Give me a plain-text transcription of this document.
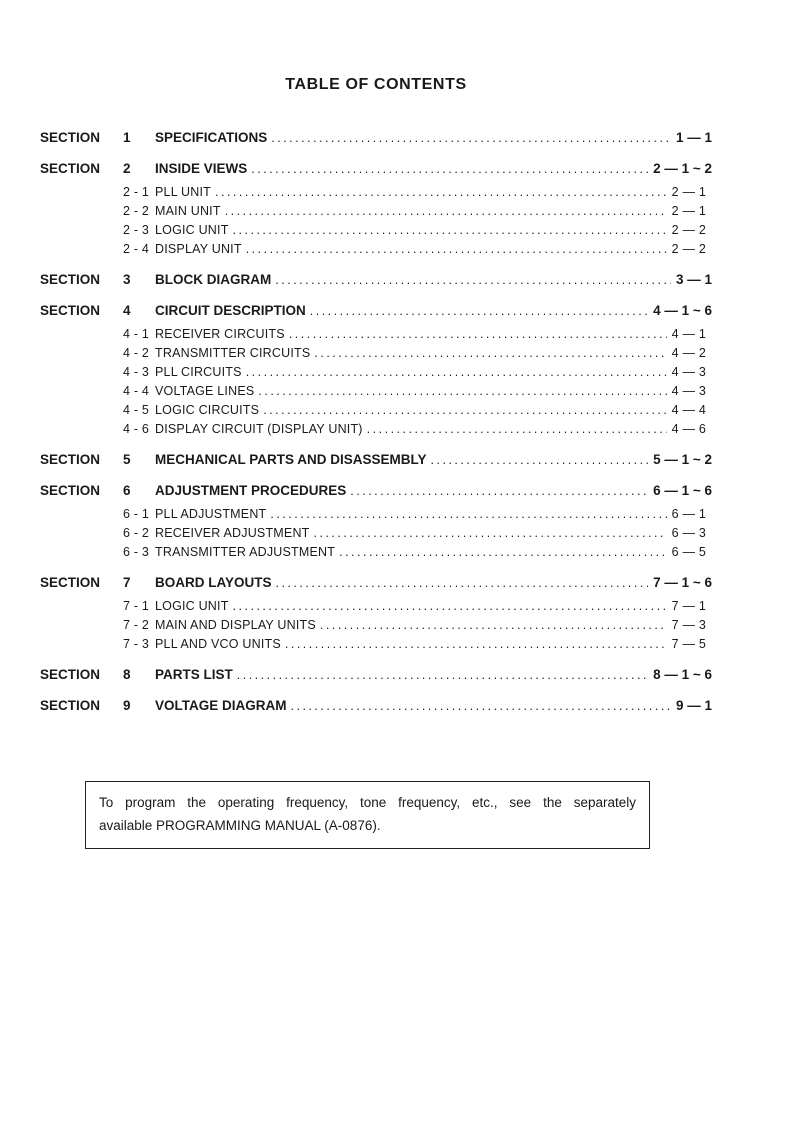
TABLE OF CONTENTS
SECTION	1	SPECIFICATIONS .....	1 — 1
SECTION	2	INSIDE VIEWS .....	2 — 1 ~ 2
2 - 1 PLL UNIT .....	2 — 1
2 - 2 MAIN UNIT .....	2 — 1
2 - 3 LOGIC UNIT .....	2 — 2
2 - 4 DISPLAY UNIT .....	2 — 2
SECTION	3	BLOCK DIAGRAM .....	3 — 1
SECTION	4	CIRCUIT DESCRIPTION .....	4 — 1 ~ 6
4 - 1 RECEIVER CIRCUITS .....	4 — 1
4 - 2 TRANSMITTER CIRCUITS .....	4 — 2
4 - 3 PLL CIRCUITS .....	4 — 3
4 - 4 VOLTAGE LINES .....	4 — 3
4 - 5 LOGIC CIRCUITS .....	4 — 4
4 - 6 DISPLAY CIRCUIT (DISPLAY UNIT) .....	4 — 6
SECTION	5	MECHANICAL PARTS AND DISASSEMBLY .....	5 — 1 ~ 2
SECTION	6	ADJUSTMENT PROCEDURES .....	6 — 1 ~ 6
6 - 1 PLL ADJUSTMENT .....	6 — 1
6 - 2 RECEIVER ADJUSTMENT .....	6 — 3
6 - 3 TRANSMITTER ADJUSTMENT .....	6 — 5
SECTION	7	BOARD LAYOUTS .....	7 — 1 ~ 6
7 - 1 LOGIC UNIT .....	7 — 1
7 - 2 MAIN AND DISPLAY UNITS .....	7 — 3
7 - 3 PLL AND VCO UNITS .....	7 — 5
SECTION	8	PARTS LIST .....	8 — 1 ~ 6
SECTION	9	VOLTAGE DIAGRAM .....	9 — 1
To program the operating frequency, tone frequency, etc., see the separately
available PROGRAMMING MANUAL (A-0876).
